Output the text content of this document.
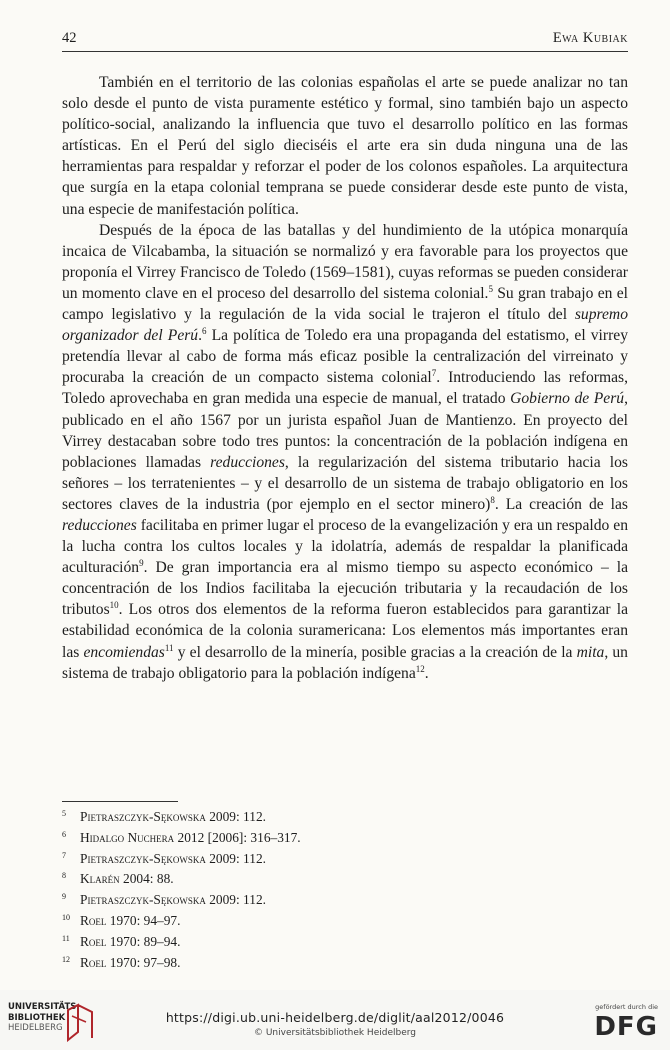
42	Ewa Kubiak

También en el territorio de las colonias españolas el arte se puede analizar no tan solo desde el punto de vista puramente estético y formal, sino también bajo un aspecto político-social, analizando la influencia que tuvo el desarrollo político en las formas artísticas. En el Perú del siglo dieciséis el arte era sin duda ninguna una de las herramientas para respaldar y reforzar el poder de los colonos españoles. La arquitectura que surgía en la etapa colonial temprana se puede considerar desde este punto de vista, una especie de manifestación política.

Después de la época de las batallas y del hundimiento de la utópica monarquía incaica de Vilcabamba, la situación se normalizó y era favorable para los proyectos que proponía el Virrey Francisco de Toledo (1569–1581), cuyas reformas se pueden considerar un momento clave en el proceso del desarrollo del sistema colonial.$^5$ Su gran trabajo en el campo legislativo y la regulación de la vida social le trajeron el título del supremo organizador del Perú.$^6$ La política de Toledo era una propaganda del estatismo, el virrey pretendía llevar al cabo de forma más eficaz posible la centralización del virreinato y procuraba la creación de un compacto sistema colonial$^7$. Introduciendo las reformas, Toledo aprovechaba en gran medida una especie de manual, el tratado Gobierno de Perú, publicado en el año 1567 por un jurista español Juan de Mantienzo. En proyecto del Virrey destacaban sobre todo tres puntos: la concentración de la población indígena en poblaciones llamadas reducciones, la regularización del sistema tributario hacia los señores – los terratenientes – y el desarrollo de un sistema de trabajo obligatorio en los sectores claves de la industria (por ejemplo en el sector minero)$^8$. La creación de las reducciones facilitaba en primer lugar el proceso de la evangelización y era un respaldo en la lucha contra los cultos locales y la idolatría, además de respaldar la planificada aculturación$^9$. De gran importancia era al mismo tiempo su aspecto económico – la concentración de los Indios facilitaba la ejecución tributaria y la recaudación de los tributos$^{10}$. Los otros dos elementos de la reforma fueron establecidos para garantizar la estabilidad económica de la colonia suramericana: Los elementos más importantes eran las encomiendas$^{11}$ y el desarrollo de la minería, posible gracias a la creación de la mita, un sistema de trabajo obligatorio para la población indígena$^{12}$.

$^5$ Pietraszczyk-Sękowska 2009: 112.
$^6$ Hidalgo Nuchera 2012 [2006]: 316–317.
$^7$ Pietraszczyk-Sękowska 2009: 112.
$^8$ Klarén 2004: 88.
$^9$ Pietraszczyk-Sękowska 2009: 112.
$^{10}$ Roel 1970: 94–97.
$^{11}$ Roel 1970: 89–94.
$^{12}$ Roel 1970: 97–98.
UNIVERSITÄTS-
BIBLIOTHEK
HEIDELBERG
https://digi.ub.uni-heidelberg.de/diglit/aal2012/0046
© Universitätsbibliothek Heidelberg
gefördert durch die
DFG
